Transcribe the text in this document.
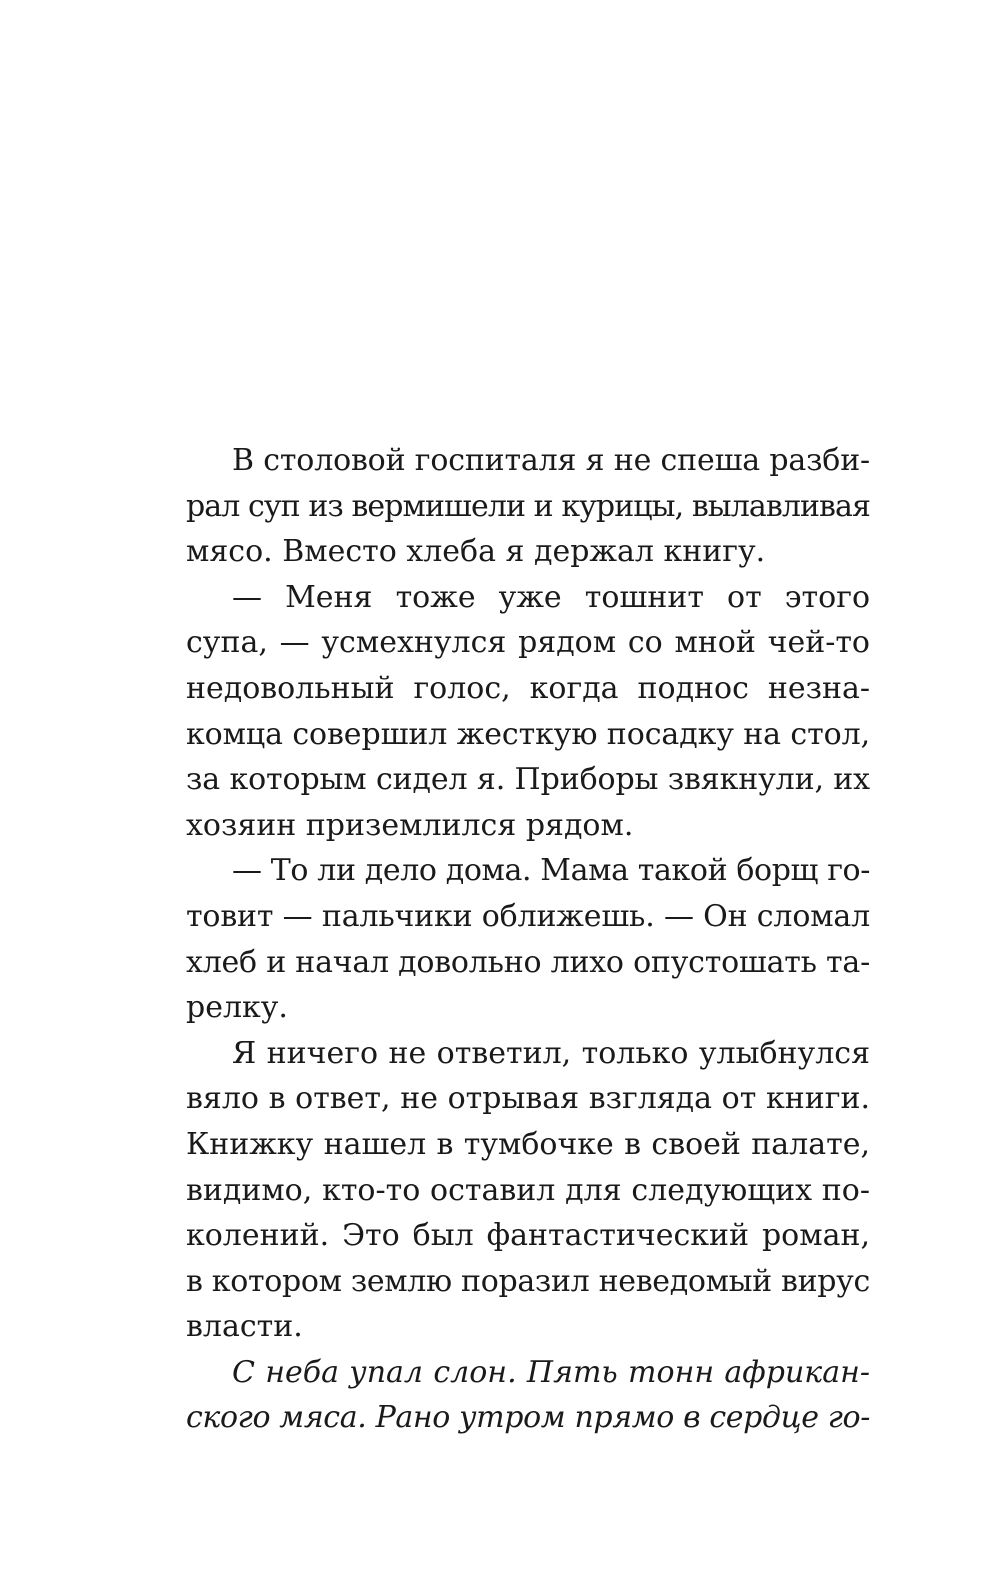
В столовой госпиталя я не спеша разби-
рал суп из вермишели и курицы, вылавливая
мясо. Вместо хлеба я держал книгу.
— Меня тоже уже тошнит от этого
супа, — усмехнулся рядом со мной чей-то
недовольный голос, когда поднос незна-
комца совершил жесткую посадку на стол,
за которым сидел я. Приборы звякнули, их
хозяин приземлился рядом.
— То ли дело дома. Мама такой борщ го-
товит — пальчики оближешь. — Он сломал
хлеб и начал довольно лихо опустошать та-
релку.
Я ничего не ответил, только улыбнулся
вяло в ответ, не отрывая взгляда от книги.
Книжку нашел в тумбочке в своей палате,
видимо, кто-то оставил для следующих по-
колений. Это был фантастический роман,
в котором землю поразил неведомый вирус
власти.
С неба упал слон. Пять тонн африкан-
ского мяса. Рано утром прямо в сердце го-
